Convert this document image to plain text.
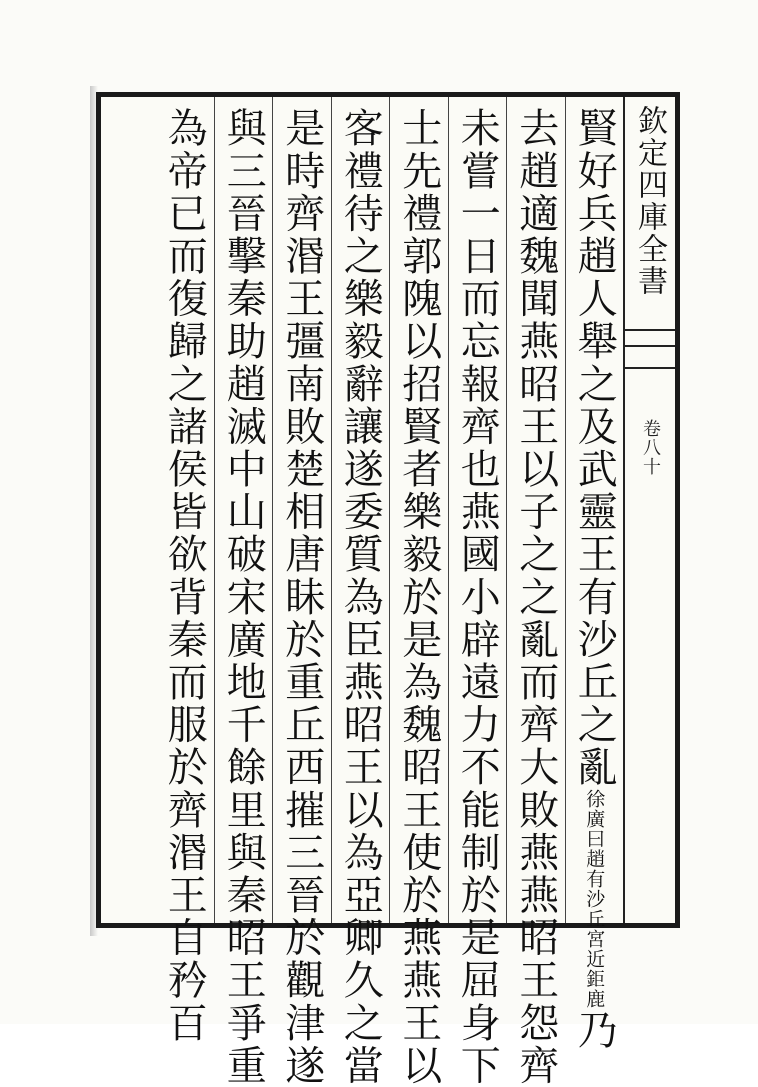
賢好兵趙人舉之及武靈王有沙丘之亂徐廣曰趙有沙丘宮近鉅鹿乃
去趙適魏聞燕昭王以子之之亂而齊大敗燕燕昭王怨齊
未嘗一日而忘報齊也燕國小辟遠力不能制於是屈身下
士先禮郭隗以招賢者樂毅於是為魏昭王使於燕燕王以
客禮待之樂毅辭讓遂委質為臣燕昭王以為亞卿久之當
是時齊湣王彊南敗楚相唐眛於重丘西摧三晉於觀津遂
與三晉擊秦助趙滅中山破宋廣地千餘里與秦昭王爭重
為帝已而復歸之諸侯皆欲背秦而服於齊湣王自矜百	欽定四庫全書
卷八十
